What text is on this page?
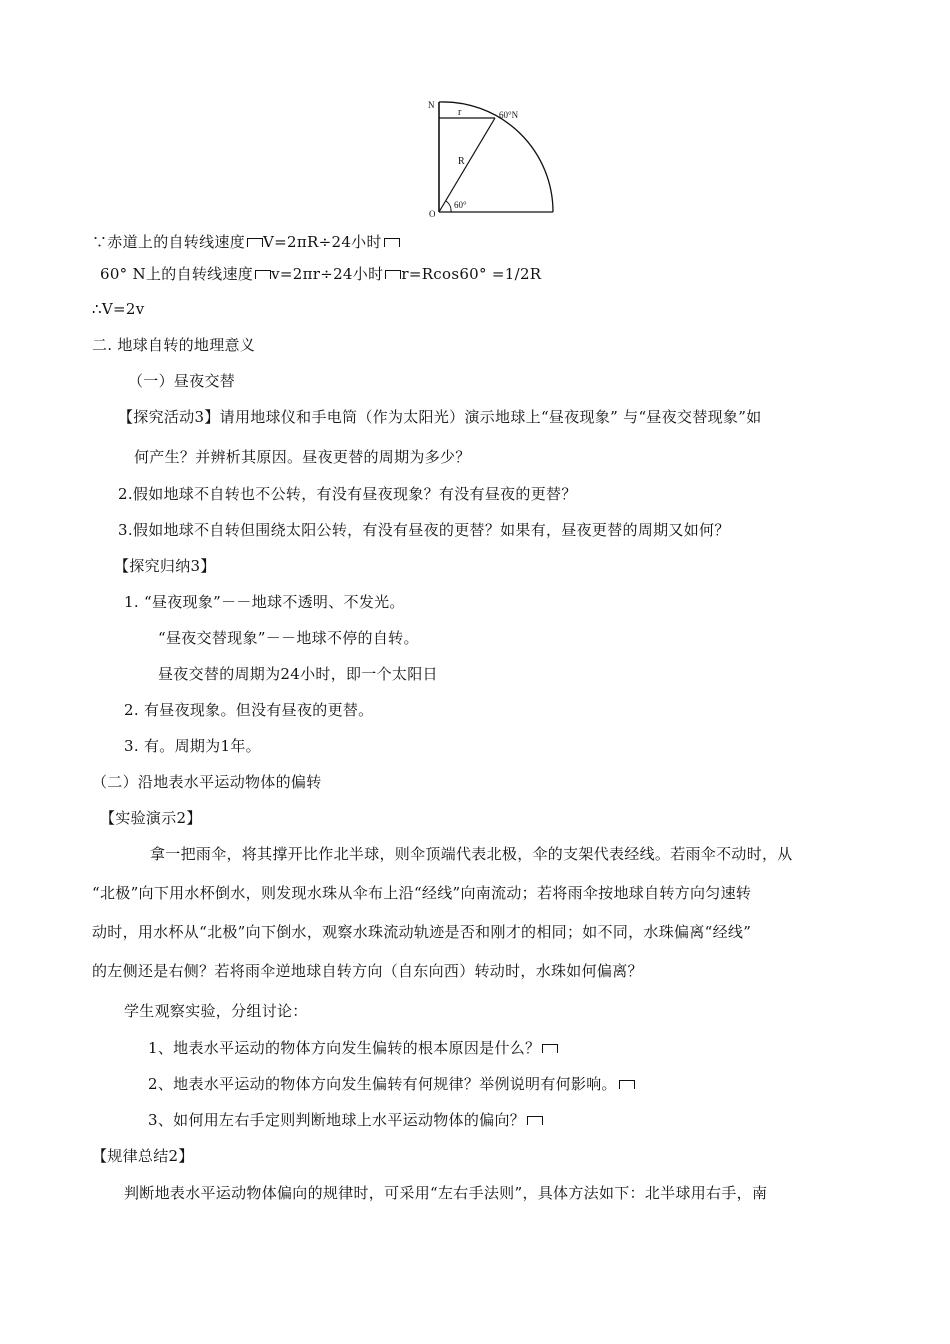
N
r	60°N
R
O
60°
∵赤道上的自转线速度 V=2πR÷24小时
60° N上的自转线速度 v=2πr÷24小时 r=Rcos60° =1/2R
∴V=2v
二. 地球自转的地理意义
（一）昼夜交替
【探究活动3】请用地球仪和手电筒（作为太阳光）演示地球上“昼夜现象” 与“昼夜交替现象”如
何产生？并辨析其原因。昼夜更替的周期为多少？
2.假如地球不自转也不公转，有没有昼夜现象？有没有昼夜的更替？
3.假如地球不自转但围绕太阳公转，有没有昼夜的更替？如果有，昼夜更替的周期又如何？
【探究归纳3】
1. “昼夜现象”－－地球不透明、不发光。
“昼夜交替现象”－－地球不停的自转。
昼夜交替的周期为24小时，即一个太阳日
2. 有昼夜现象。但没有昼夜的更替。
3. 有。周期为1年。
（二）沿地表水平运动物体的偏转
【实验演示2】
拿一把雨伞，将其撑开比作北半球，则伞顶端代表北极，伞的支架代表经线。若雨伞不动时，从
“北极”向下用水杯倒水，则发现水珠从伞布上沿“经线”向南流动；若将雨伞按地球自转方向匀速转
动时，用水杯从“北极”向下倒水，观察水珠流动轨迹是否和刚才的相同；如不同，水珠偏离“经线”
的左侧还是右侧？若将雨伞逆地球自转方向（自东向西）转动时，水珠如何偏离？
学生观察实验，分组讨论：
1、地表水平运动的物体方向发生偏转的根本原因是什么？
2、地表水平运动的物体方向发生偏转有何规律？举例说明有何影响。
3、如何用左右手定则判断地球上水平运动物体的偏向？
【规律总结2】
判断地表水平运动物体偏向的规律时，可采用“左右手法则”，具体方法如下：北半球用右手，南
